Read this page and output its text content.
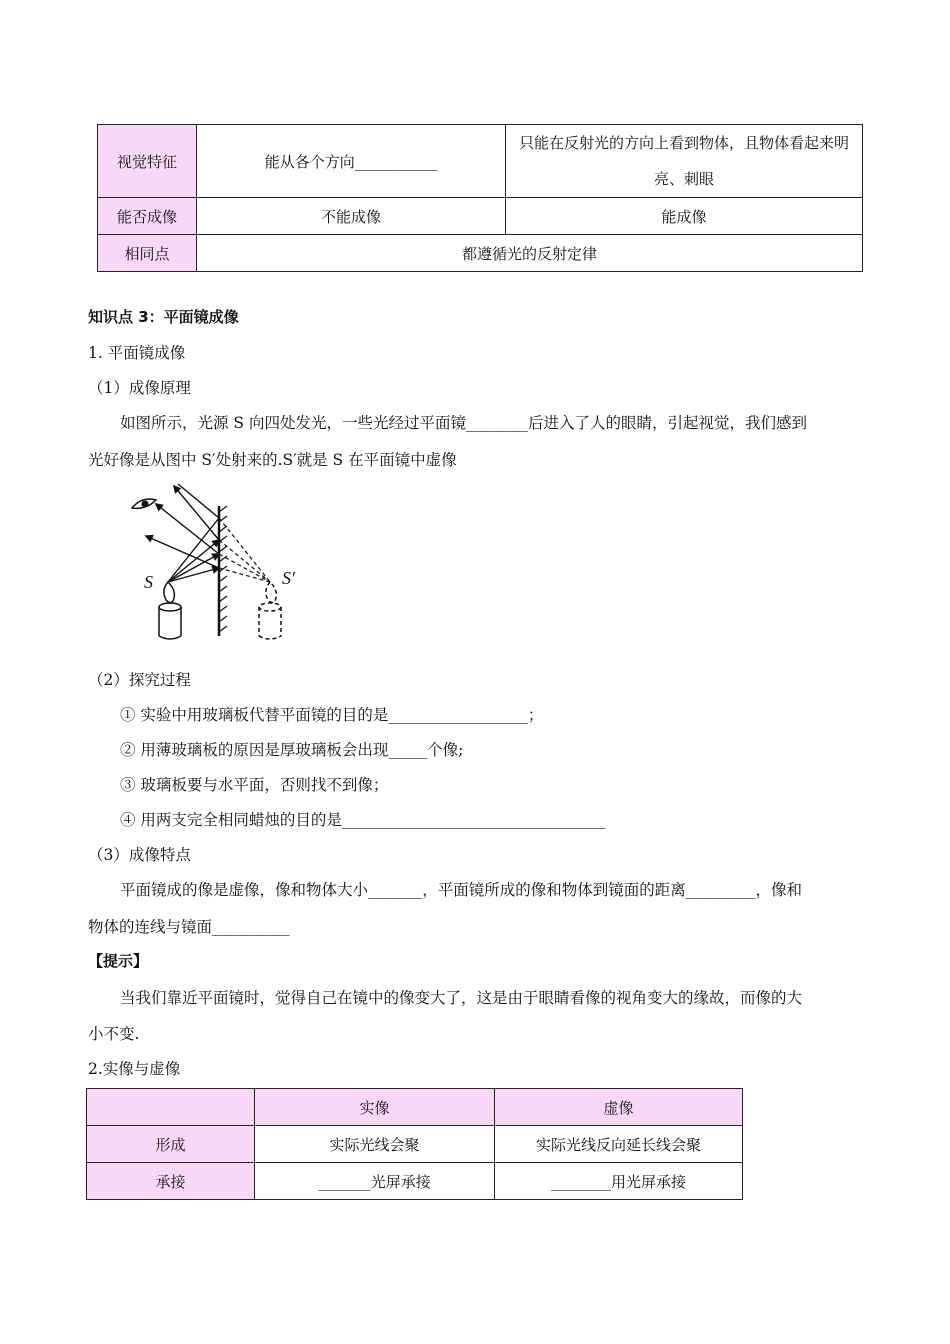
视觉特征	能从各个方向___________	只能在反射光的方向上看到物体，且物体看起来明亮、刺眼
能否成像	不能成像	能成像
相同点	都遵循光的反射定律	
知识点 3：平面镜成像
1. 平面镜成像
（1）成像原理
如图所示，光源 S 向四处发光，一些光经过平面镜________后进入了人的眼睛，引起视觉，我们感到
光好像是从图中 S′处射来的.S′就是 S 在平面镜中虚像
S	S′
（2）探究过程
① 实验中用玻璃板代替平面镜的目的是__________________；
② 用薄玻璃板的原因是厚玻璃板会出现_____个像;
③ 玻璃板要与水平面，否则找不到像；
④ 用两支完全相同蜡烛的目的是__________________________________
（3）成像特点
平面镜成的像是虚像，像和物体大小_______，平面镜所成的像和物体到镜面的距离_________，像和
物体的连线与镜面__________
【提示】
当我们靠近平面镜时，觉得自己在镜中的像变大了，这是由于眼睛看像的视角变大的缘故，而像的大
小不变.
2.实像与虚像
	实像	虚像
形成	实际光线会聚	实际光线反向延长线会聚
承接	_______光屏承接	________用光屏承接
